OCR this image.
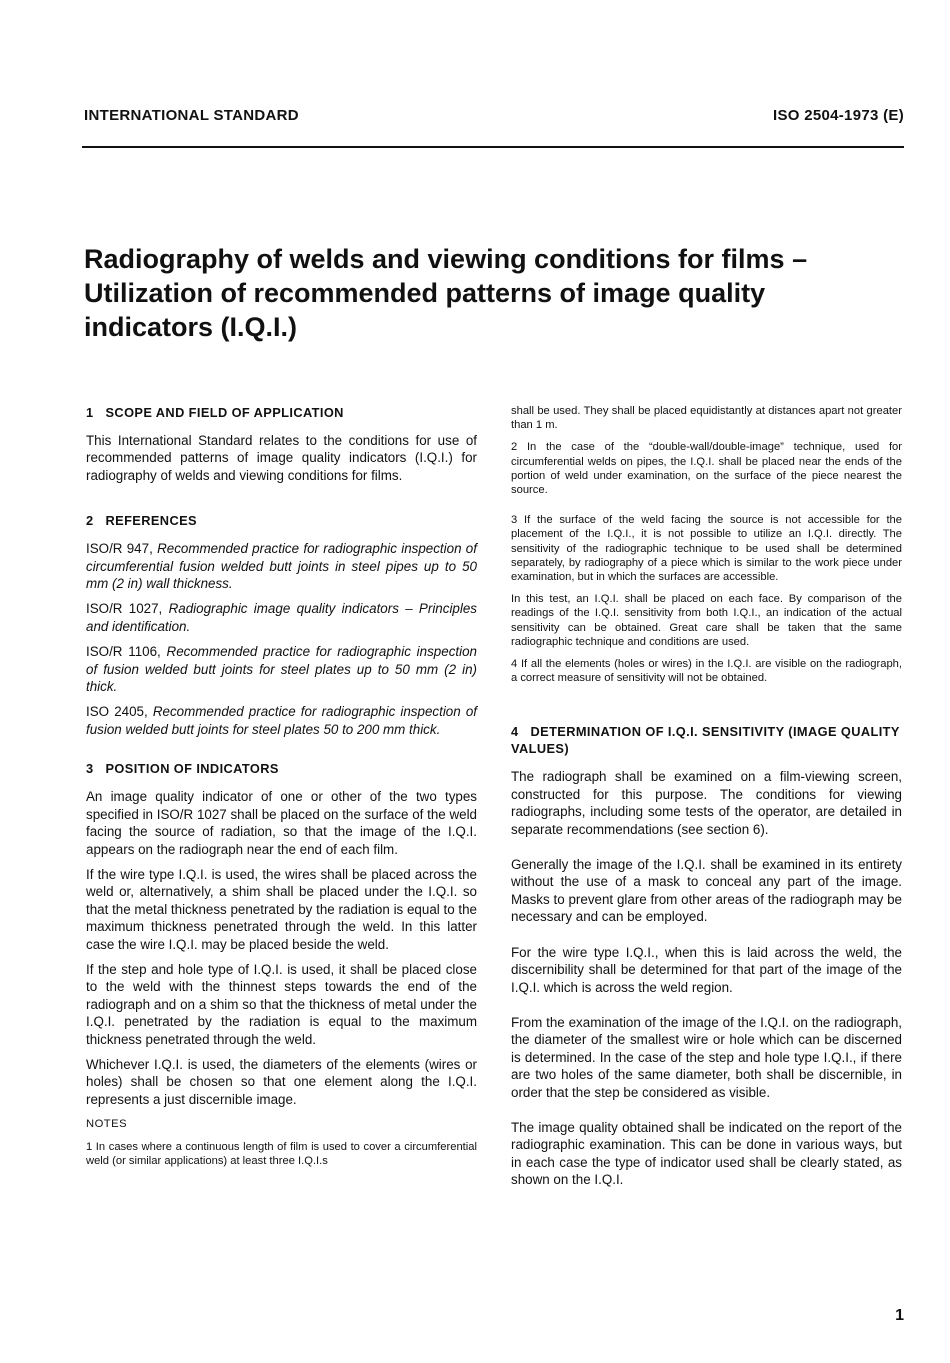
INTERNATIONAL STANDARD	ISO 2504-1973 (E)
Radiography of welds and viewing conditions for films –
Utilization of recommended patterns of image quality
indicators (I.Q.I.)
1 SCOPE AND FIELD OF APPLICATION

This International Standard relates to the conditions for use of recommended patterns of image quality indicators (I.Q.I.) for radiography of welds and viewing conditions for films.

2 REFERENCES

ISO/R 947, Recommended practice for radiographic inspection of circumferential fusion welded butt joints in steel pipes up to 50 mm (2 in) wall thickness.

ISO/R 1027, Radiographic image quality indicators – Principles and identification.

ISO/R 1106, Recommended practice for radiographic inspection of fusion welded butt joints for steel plates up to 50 mm (2 in) thick.

ISO 2405, Recommended practice for radiographic inspection of fusion welded butt joints for steel plates 50 to 200 mm thick.

3 POSITION OF INDICATORS

An image quality indicator of one or other of the two types specified in ISO/R 1027 shall be placed on the surface of the weld facing the source of radiation, so that the image of the I.Q.I. appears on the radiograph near the end of each film.

If the wire type I.Q.I. is used, the wires shall be placed across the weld or, alternatively, a shim shall be placed under the I.Q.I. so that the metal thickness penetrated by the radiation is equal to the maximum thickness penetrated through the weld. In this latter case the wire I.Q.I. may be placed beside the weld.

If the step and hole type of I.Q.I. is used, it shall be placed close to the weld with the thinnest steps towards the end of the radiograph and on a shim so that the thickness of metal under the I.Q.I. penetrated by the radiation is equal to the maximum thickness penetrated through the weld.

Whichever I.Q.I. is used, the diameters of the elements (wires or holes) shall be chosen so that one element along the I.Q.I. represents a just discernible image.

NOTES

1 In cases where a continuous length of film is used to cover a circumferential weld (or similar applications) at least three I.Q.I.s

shall be used. They shall be placed equidistantly at distances apart not greater than 1 m.

2 In the case of the “double-wall/double-image” technique, used for circumferential welds on pipes, the I.Q.I. shall be placed near the ends of the portion of weld under examination, on the surface of the piece nearest the source.

3 If the surface of the weld facing the source is not accessible for the placement of the I.Q.I., it is not possible to utilize an I.Q.I. directly. The sensitivity of the radiographic technique to be used shall be determined separately, by radiography of a piece which is similar to the work piece under examination, but in which the surfaces are accessible.

In this test, an I.Q.I. shall be placed on each face. By comparison of the readings of the I.Q.I. sensitivity from both I.Q.I., an indication of the actual sensitivity can be obtained. Great care shall be taken that the same radiographic technique and conditions are used.

4 If all the elements (holes or wires) in the I.Q.I. are visible on the radiograph, a correct measure of sensitivity will not be obtained.

4 DETERMINATION OF I.Q.I. SENSITIVITY (IMAGE QUALITY VALUES)

The radiograph shall be examined on a film-viewing screen, constructed for this purpose. The conditions for viewing radiographs, including some tests of the operator, are detailed in separate recommendations (see section 6).

Generally the image of the I.Q.I. shall be examined in its entirety without the use of a mask to conceal any part of the image. Masks to prevent glare from other areas of the radiograph may be necessary and can be employed.

For the wire type I.Q.I., when this is laid across the weld, the discernibility shall be determined for that part of the image of the I.Q.I. which is across the weld region.

From the examination of the image of the I.Q.I. on the radiograph, the diameter of the smallest wire or hole which can be discerned is determined. In the case of the step and hole type I.Q.I., if there are two holes of the same diameter, both shall be discernible, in order that the step be considered as visible.

The image quality obtained shall be indicated on the report of the radiographic examination. This can be done in various ways, but in each case the type of indicator used shall be clearly stated, as shown on the I.Q.I.

1
